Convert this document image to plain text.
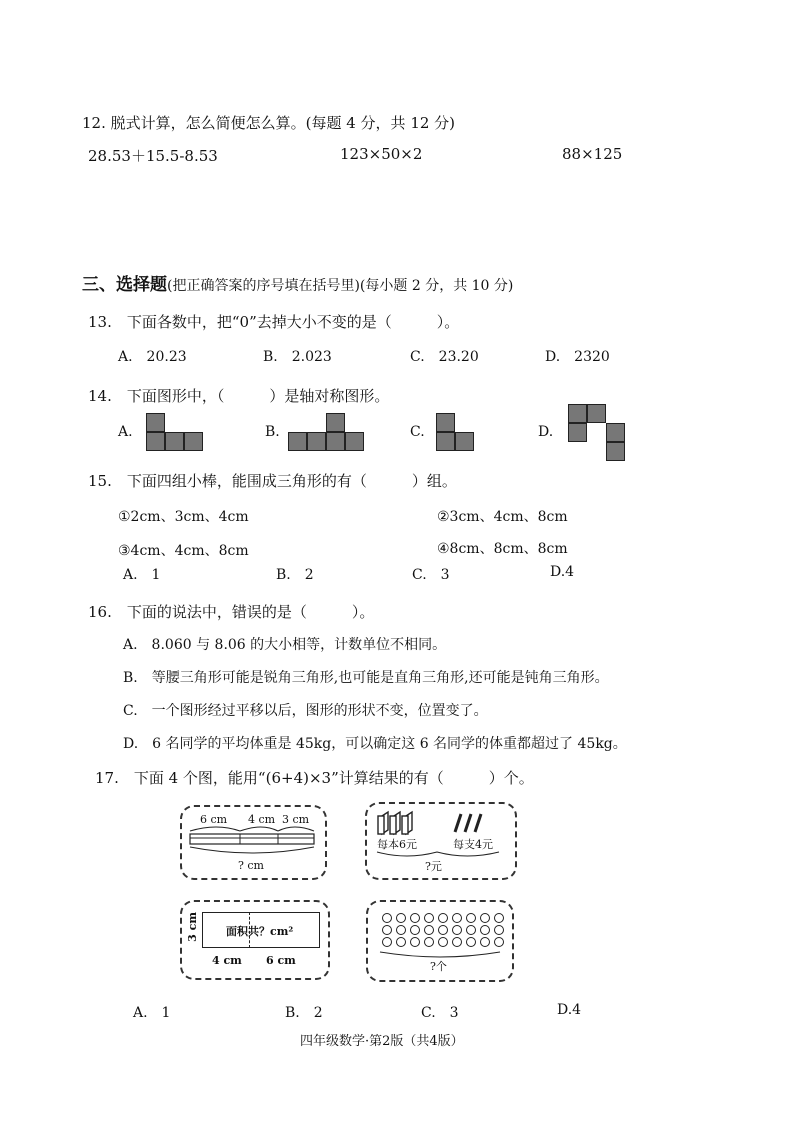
12. 脱式计算，怎么简便怎么算。(每题 4 分，共 12 分)
28.53＋15.5-8.53	123×50×2	88×125
三、选择题(把正确答案的序号填在括号里)(每小题 2 分，共 10 分)
13.　下面各数中，把“0”去掉大小不变的是（　　　）。
A.　20.23	B.　2.023	C.　23.20	D.　2320
14.　下面图形中，（　　　）是轴对称图形。
A.	B.	C.	D.
15.　下面四组小棒，能围成三角形的有（　　　）组。
①2cm、3cm、4cm	②3cm、4cm、8cm
③4cm、4cm、8cm	④8cm、8cm、8cm
A.　1	B.　2	C.　3	D.4
16.　下面的说法中，错误的是（　　　）。
A.　8.060 与 8.06 的大小相等，计数单位不相同。
B.　等腰三角形可能是锐角三角形,也可能是直角三角形,还可能是钝角三角形。
C.　一个图形经过平移以后，图形的形状不变，位置变了。
D.　6 名同学的平均体重是 45kg，可以确定这 6 名同学的体重都超过了 45kg。
17.　下面 4 个图，能用“(6+4)×3”计算结果的有（　　　）个。
6 cm 4 cm 3 cm
? cm
每本6元	每支4元
?元
面积共？cm²
3 cm
4 cm 6 cm	?个
A.　1	B.　2	C.　3	D.4
四年级数学·第2版（共4版）
